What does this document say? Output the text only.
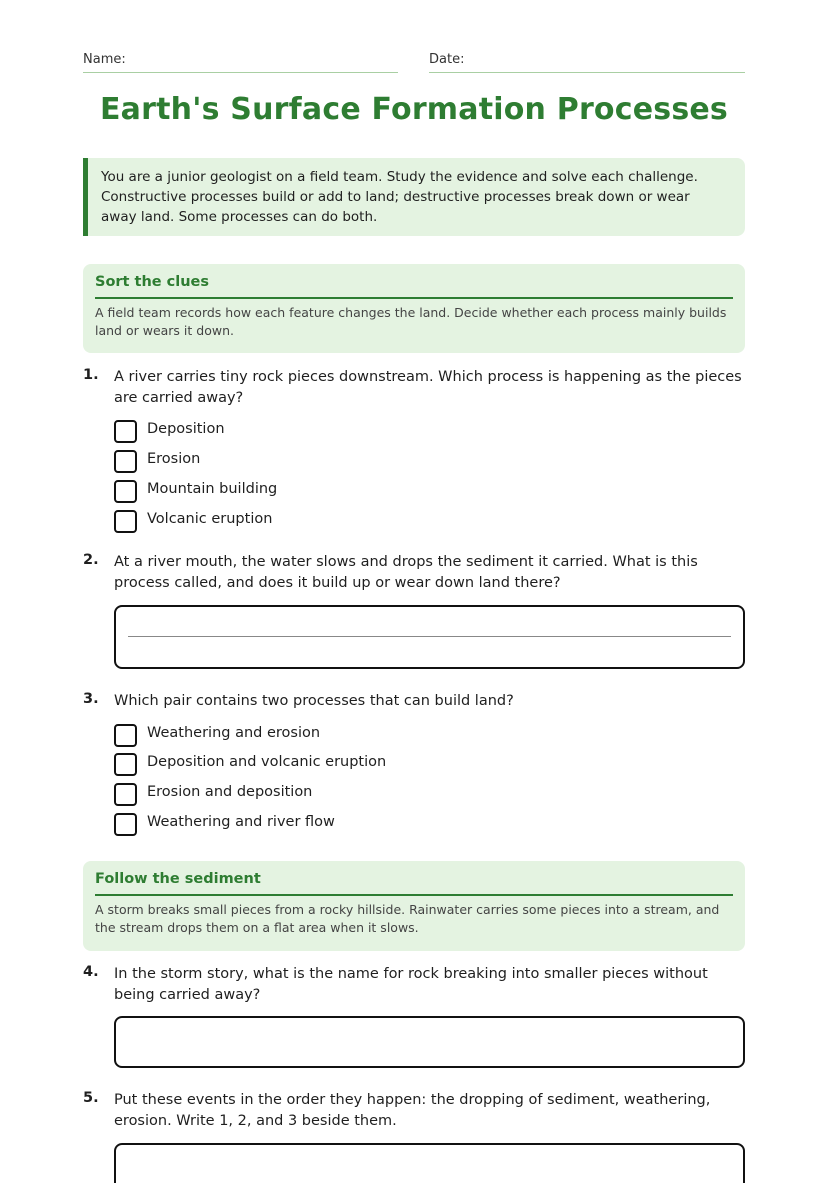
Name:	Date:
Earth's Surface Formation Processes
You are a junior geologist on a field team. Study the evidence and solve each challenge. Constructive processes build or add to land; destructive processes break down or wear away land. Some processes can do both.
Sort the clues
A field team records how each feature changes the land. Decide whether each process mainly builds land or wears it down.
1. A river carries tiny rock pieces downstream. Which process is happening as the pieces are carried away?
Deposition
Erosion
Mountain building
Volcanic eruption
2. At a river mouth, the water slows and drops the sediment it carried. What is this process called, and does it build up or wear down land there?
3. Which pair contains two processes that can build land?
Weathering and erosion
Deposition and volcanic eruption
Erosion and deposition
Weathering and river flow
Follow the sediment
A storm breaks small pieces from a rocky hillside. Rainwater carries some pieces into a stream, and the stream drops them on a flat area when it slows.
4. In the storm story, what is the name for rock breaking into smaller pieces without being carried away?
5. Put these events in the order they happen: the dropping of sediment, weathering, erosion. Write 1, 2, and 3 beside them.
